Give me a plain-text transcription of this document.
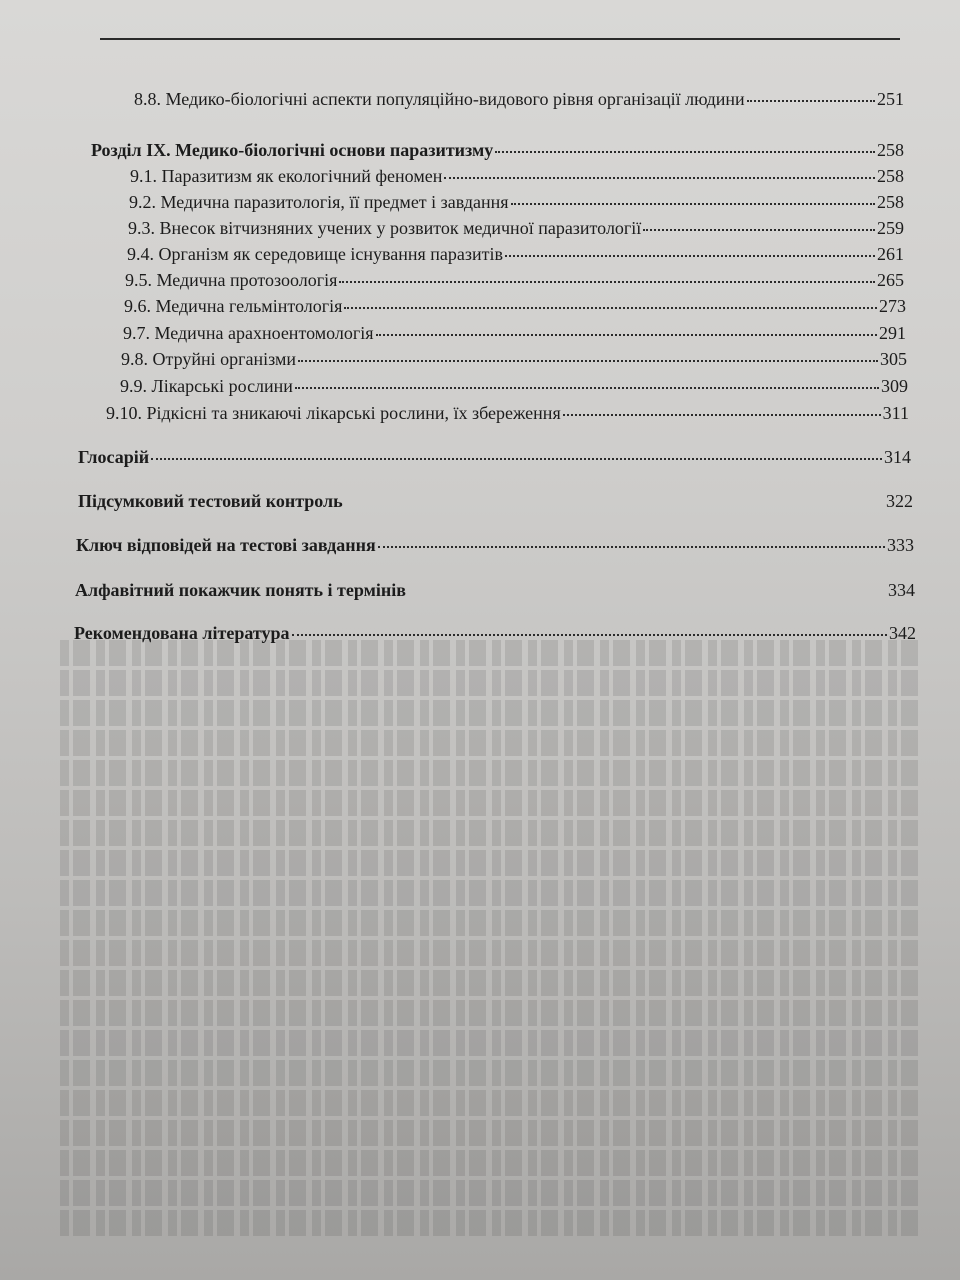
8.8. Медико-біологічні аспекти популяційно-видового рівня організації людини	251
Розділ IX. Медико-біологічні основи паразитизму	258
9.1. Паразитизм як екологічний феномен	258
9.2. Медична паразитологія, її предмет і завдання	258
9.3. Внесок вітчизняних учених у розвиток медичної паразитології	259
9.4. Організм як середовище існування паразитів	261
9.5. Медична протозоологія	265
9.6. Медична гельмінтологія	273
9.7. Медична арахноентомологія	291
9.8. Отруйні організми	305
9.9. Лікарські рослини	309
9.10. Рідкісні та зникаючі лікарські рослини, їх збереження	311
Глосарій	314
Підсумковий тестовий контроль	322
Ключ відповідей на тестові завдання	333
Алфавітний покажчик понять і термінів	334
Рекомендована література	342
